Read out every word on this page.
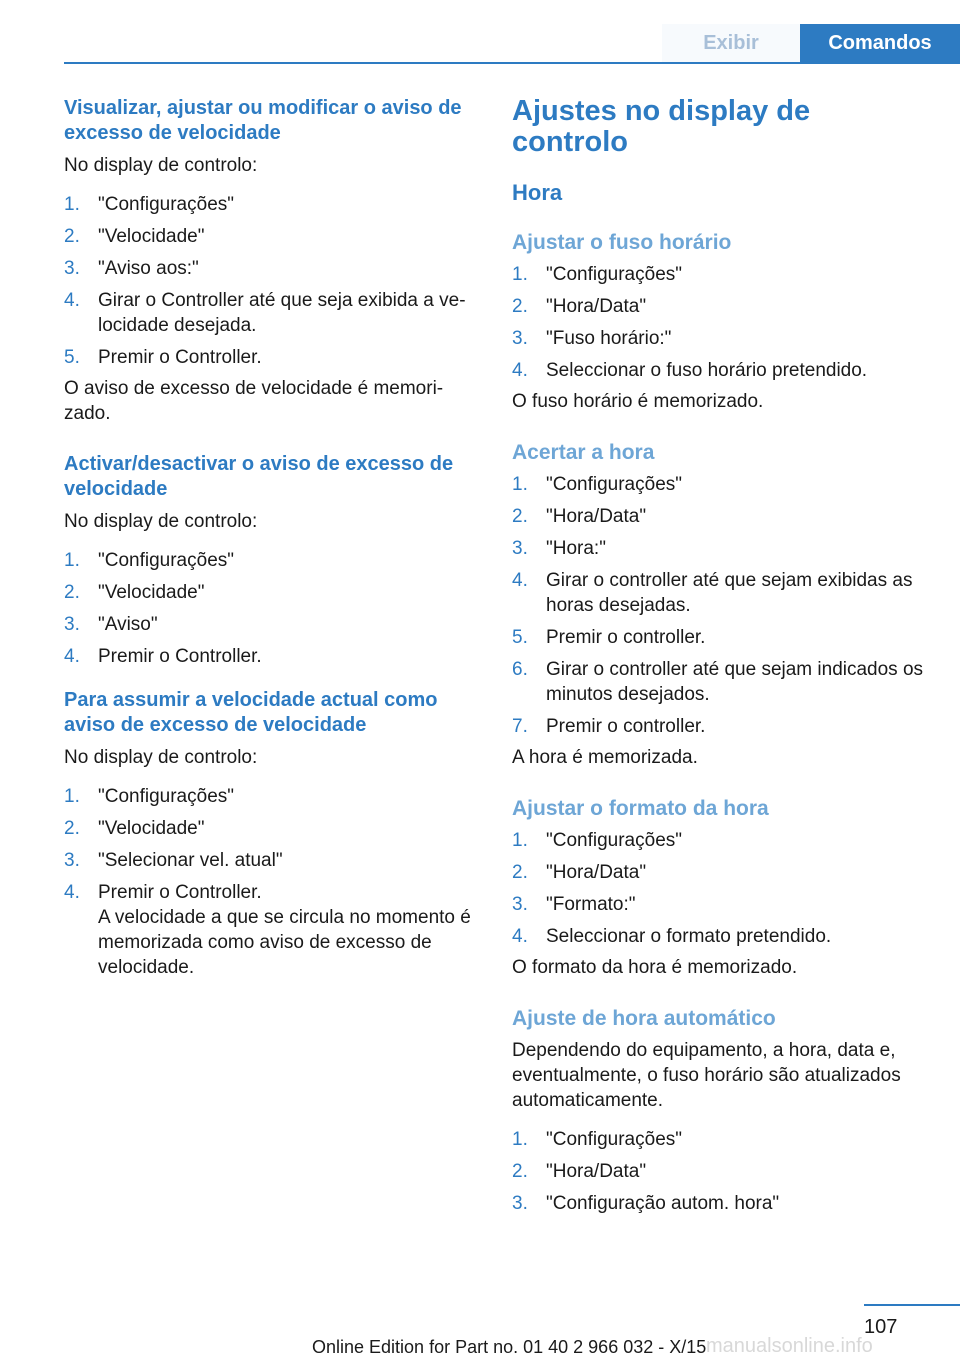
Exibir	Comandos
Visualizar, ajustar ou modificar o aviso de excesso de velocidade

No display de controlo:

1. "Configurações"
2. "Velocidade"
3. "Aviso aos:"
4. Girar o Controller até que seja exibida a ve-locidade desejada.
5. Premir o Controller.

O aviso de excesso de velocidade é memori-zado.

Activar/desactivar o aviso de excesso de velocidade

No display de controlo:

1. "Configurações"
2. "Velocidade"
3. "Aviso"
4. Premir o Controller.
Para assumir a velocidade actual como aviso de excesso de velocidade

No display de controlo:

1. "Configurações"
2. "Velocidade"
3. "Selecionar vel. atual"
4. Premir o Controller.
A velocidade a que se circula no momento é memorizada como aviso de excesso de velocidade.
Ajustes no display de controlo
Hora
Ajustar o fuso horário
1. "Configurações"
2. "Hora/Data"
3. "Fuso horário:"
4. Seleccionar o fuso horário pretendido.

O fuso horário é memorizado.

Acertar a hora
1. "Configurações"
2. "Hora/Data"
3. "Hora:"
4. Girar o controller até que sejam exibidas as horas desejadas.
5. Premir o controller.
6. Girar o controller até que sejam indicados os minutos desejados.
7. Premir o controller.

A hora é memorizada.

Ajustar o formato da hora
1. "Configurações"
2. "Hora/Data"
3. "Formato:"
4. Seleccionar o formato pretendido.

O formato da hora é memorizado.

Ajuste de hora automático

Dependendo do equipamento, a hora, data e, eventualmente, o fuso horário são atualizados automaticamente.

1. "Configurações"
2. "Hora/Data"
3. "Configuração autom. hora"
107
Online Edition for Part no. 01 40 2 966 032 - X/15 manualsonline.info
